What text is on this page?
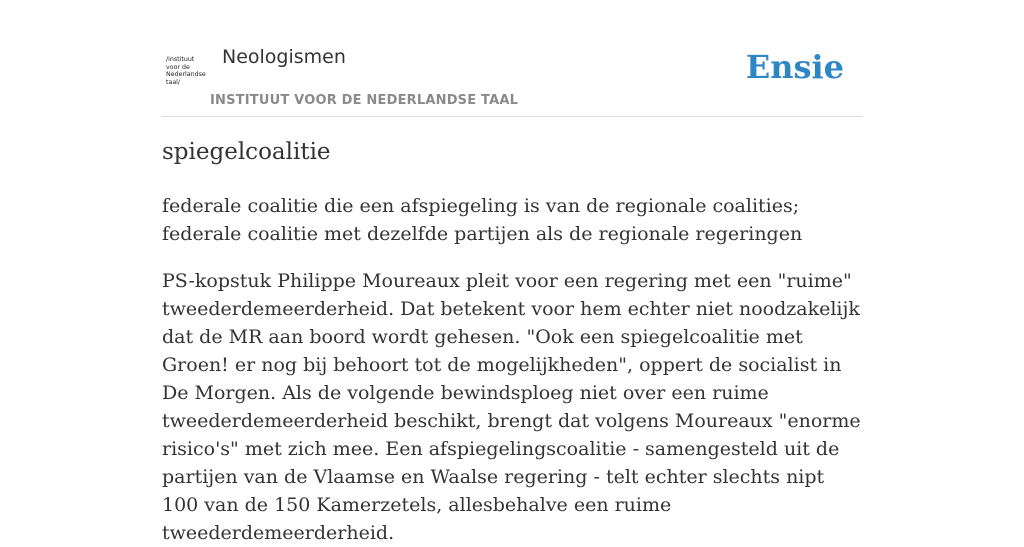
/instituut
voor de
Nederlandse
taal/
Neologismen
INSTITUUT VOOR DE NEDERLANDSE TAAL
Ensie
spiegelcoalitie

federale coalitie die een afspiegeling is van de regionale coalities; federale coalitie met dezelfde partijen als de regionale regeringen

PS-kopstuk Philippe Moureaux pleit voor een regering met een "ruime" tweederdemeerderheid. Dat betekent voor hem echter niet noodzakelijk dat de MR aan boord wordt gehesen. "Ook een spiegelcoalitie met Groen! er nog bij behoort tot de mogelijkheden", oppert de socialist in De Morgen. Als de volgende bewindsploeg niet over een ruime tweederdemeerderheid beschikt, brengt dat volgens Moureaux "enorme risico's" met zich mee. Een afspiegelingscoalitie - samengesteld uit de partijen van de Vlaamse en Waalse regering - telt echter slechts nipt 100 van de 150 Kamerzetels, allesbehalve een ruime tweederdemeerderheid.
